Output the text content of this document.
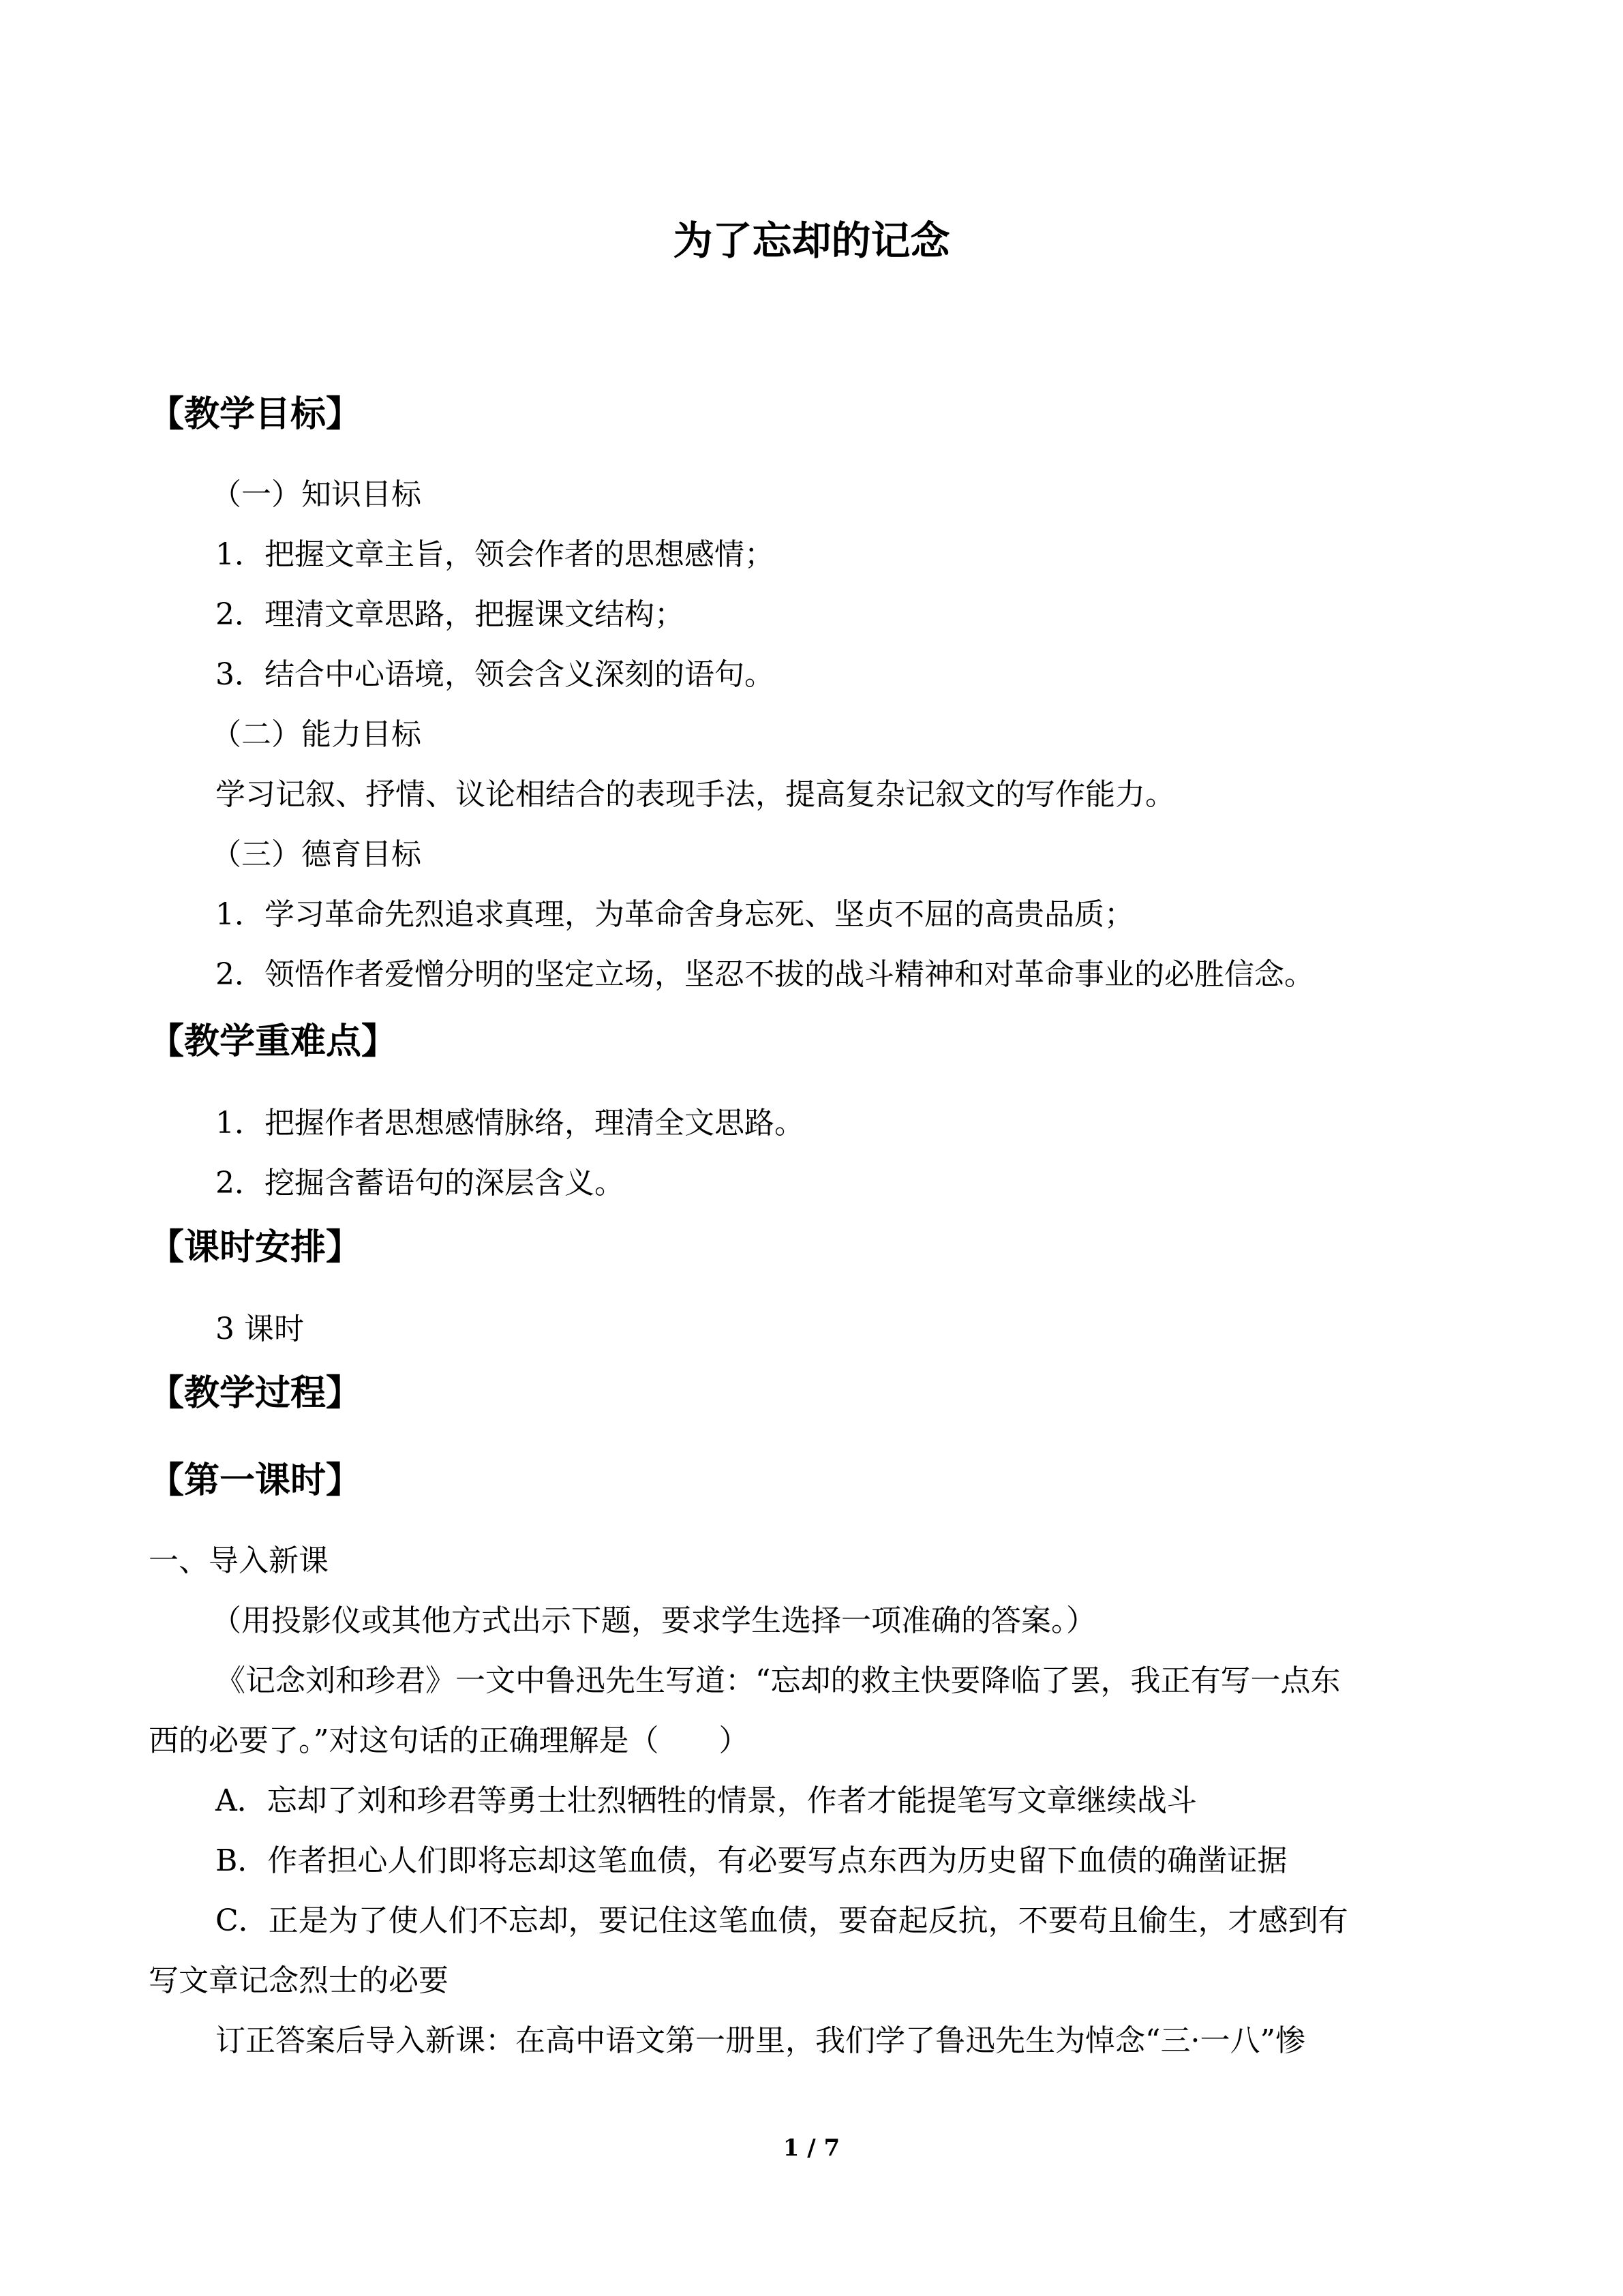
为了忘却的记念
【教学目标】
（一）知识目标
1．把握文章主旨，领会作者的思想感情；
2．理清文章思路，把握课文结构；
3．结合中心语境，领会含义深刻的语句。
（二）能力目标
学习记叙、抒情、议论相结合的表现手法，提高复杂记叙文的写作能力。
（三）德育目标
1．学习革命先烈追求真理，为革命舍身忘死、坚贞不屈的高贵品质；
2．领悟作者爱憎分明的坚定立场，坚忍不拔的战斗精神和对革命事业的必胜信念。
【教学重难点】
1．把握作者思想感情脉络，理清全文思路。
2．挖掘含蓄语句的深层含义。
【课时安排】
3 课时
【教学过程】
【第一课时】
一、导入新课
（用投影仪或其他方式出示下题，要求学生选择一项准确的答案。）
《记念刘和珍君》一文中鲁迅先生写道：“忘却的救主快要降临了罢，我正有写一点东
西的必要了。”对这句话的正确理解是（　　）
A．忘却了刘和珍君等勇士壮烈牺牲的情景，作者才能提笔写文章继续战斗
B．作者担心人们即将忘却这笔血债，有必要写点东西为历史留下血债的确凿证据
C．正是为了使人们不忘却，要记住这笔血债，要奋起反抗，不要苟且偷生，才感到有
写文章记念烈士的必要
订正答案后导入新课：在高中语文第一册里，我们学了鲁迅先生为悼念“三·一八”惨
1 / 7
